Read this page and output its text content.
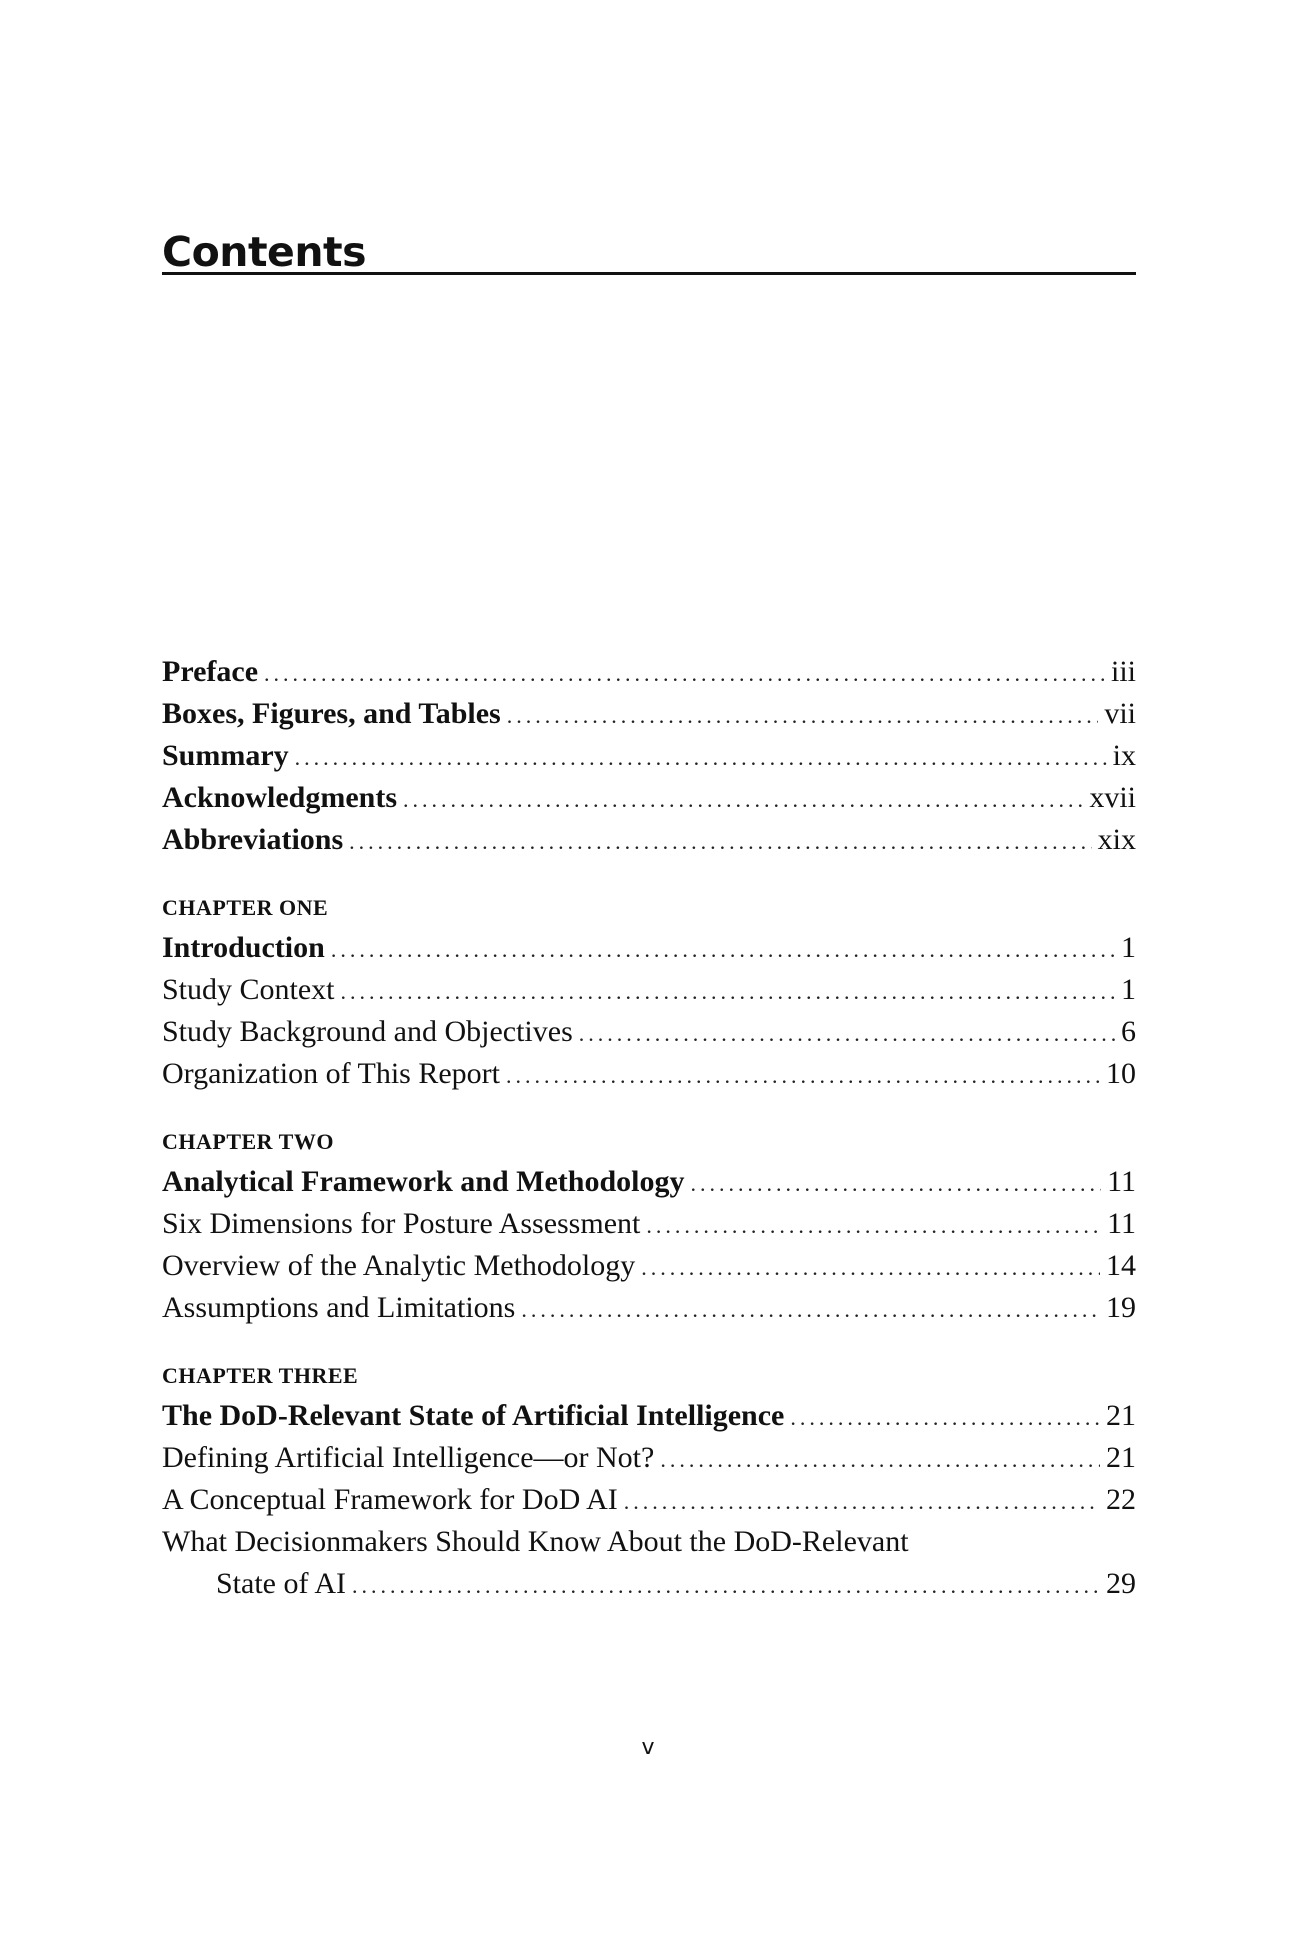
Contents
Preface .....	iii
Boxes, Figures, and Tables .....	vii
Summary .....	ix
Acknowledgments .....	xvii
Abbreviations .....	xix
CHAPTER ONE
Introduction .....	1
Study Context .....	1
Study Background and Objectives .....	6
Organization of This Report .....	10
CHAPTER TWO
Analytical Framework and Methodology .....	11
Six Dimensions for Posture Assessment .....	11
Overview of the Analytic Methodology .....	14
Assumptions and Limitations .....	19
CHAPTER THREE
The DoD-Relevant State of Artificial Intelligence .....	21
Defining Artificial Intelligence—or Not? .....	21
A Conceptual Framework for DoD AI .....	22
What Decisionmakers Should Know About the DoD-Relevant
State of AI .....	29
v
